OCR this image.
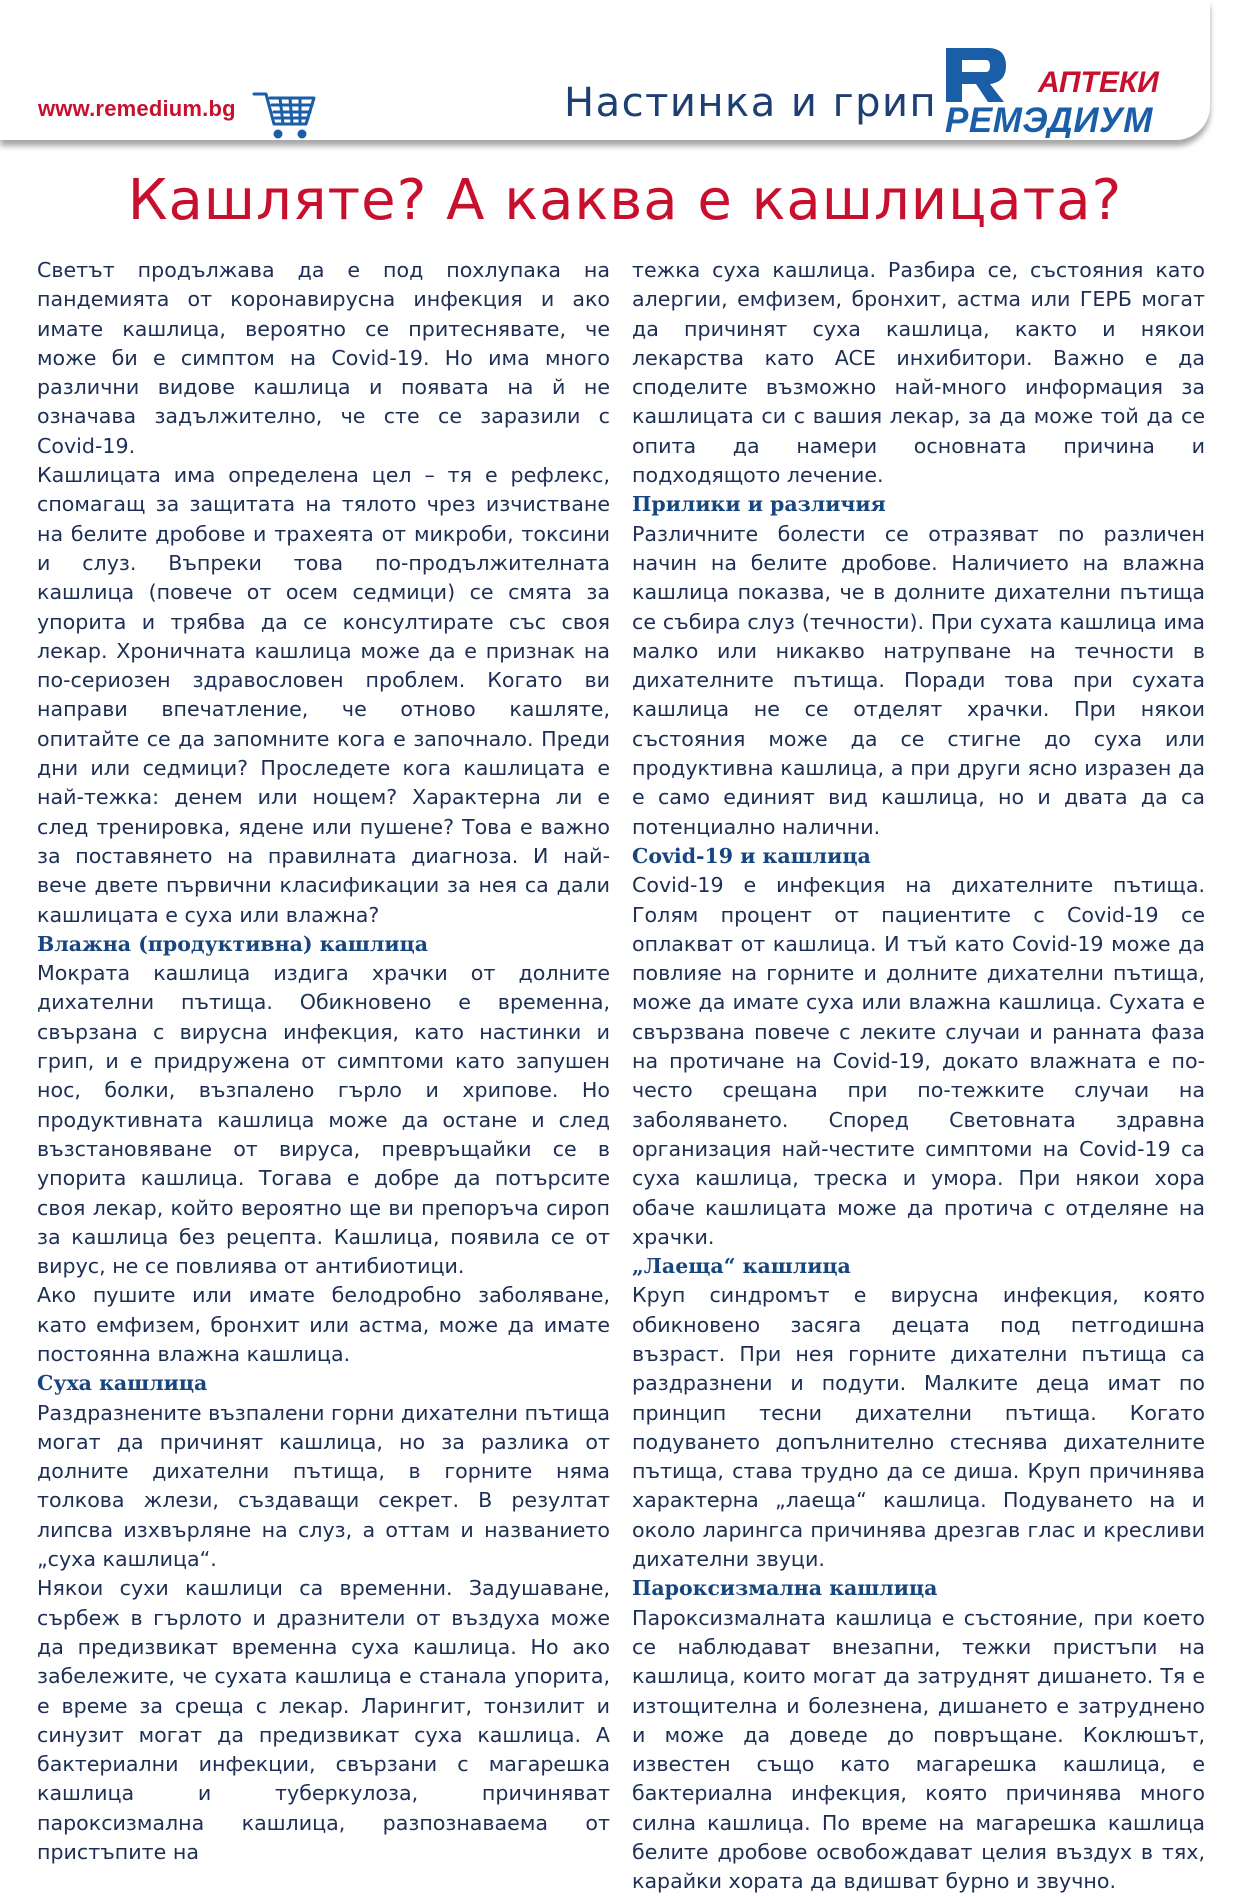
www.remedium.bg	Настинка и грип	АПТЕКИ
РЕМЭДИУМ
Кашляте? А каква е кашлицата?

Светът продължава да е под похлупака на пандемията от коронавирусна инфекция и ако имате кашлица, вероятно се притеснявате, че може би е симптом на Covid-19. Но има много различни видове кашлица и появата на й не означава задължително, че сте се заразили с Covid-19.

Кашлицата има определена цел – тя е рефлекс, спомагащ за защитата на тялото чрез изчистване на белите дробове и трахеята от микроби, токсини и слуз. Въпреки това по-продължителната кашлица (повече от осем седмици) се смята за упорита и трябва да се консултирате със своя лекар. Хроничната кашлица може да е признак на по-сериозен здравословен проблем. Когато ви направи впечатление, че отново кашляте, опитайте се да запомните кога е започнало. Преди дни или седмици? Проследете кога кашлицата е най-тежка: денем или нощем? Характерна ли е след тренировка, ядене или пушене? Това е важно за поставянето на правилната диагноза. И най-вече двете първични класификации за нея са дали кашлицата е суха или влажна?

Влажна (продуктивна) кашлица

Мократа кашлица издига храчки от долните дихателни пътища. Обикновено е временна, свързана с вирусна инфекция, като настинки и грип, и е придружена от симптоми като запушен нос, болки, възпалено гърло и хрипове. Но продуктивната кашлица може да остане и след възстановяване от вируса, превръщайки се в упорита кашлица. Тогава е добре да потърсите своя лекар, който вероятно ще ви препоръча сироп за кашлица без рецепта. Кашлица, появила се от вирус, не се повлиява от антибиотици.

Ако пушите или имате белодробно заболяване, като емфизем, бронхит или астма, може да имате постоянна влажна кашлица.

Суха кашлица

Раздразнените възпалени горни дихателни пътища могат да причинят кашлица, но за разлика от долните дихателни пътища, в горните няма толкова жлези, създаващи секрет. В резултат липсва изхвърляне на слуз, а оттам и названието „суха кашлица“.

Някои сухи кашлици са временни. Задушаване, сърбеж в гърлото и дразнители от въздуха може да предизвикат временна суха кашлица. Но ако забележите, че сухата кашлица е станала упорита, е време за среща с лекар. Ларингит, тонзилит и синузит могат да предизвикат суха кашлица. А бактериални инфекции, свързани с магарешка кашлица и туберкулоза, причиняват пароксизмална кашлица, разпознаваема от пристъпите на

тежка суха кашлица. Разбира се, състояния като алергии, емфизем, бронхит, астма или ГЕРБ могат да причинят суха кашлица, както и някои лекарства като ACE инхибитори. Важно е да споделите възможно най-много информация за кашлицата си с вашия лекар, за да може той да се опита да намери основната причина и подходящото лечение.

Прилики и различия

Различните болести се отразяват по различен начин на белите дробове. Наличието на влажна кашлица показва, че в долните дихателни пътища се събира слуз (течности). При сухата кашлица има малко или никакво натрупване на течности в дихателните пътища. Поради това при сухата кашлица не се отделят храчки. При някои състояния може да се стигне до суха или продуктивна кашлица, а при други ясно изразен да е само единият вид кашлица, но и двата да са потенциално налични.

Covid-19 и кашлица

Covid-19 е инфекция на дихателните пътища. Голям процент от пациентите с Covid-19 се оплакват от кашлица. И тъй като Covid-19 може да повлияе на горните и долните дихателни пътища, може да имате суха или влажна кашлица. Сухата е свързвана повече с леките случаи и ранната фаза на протичане на Covid-19, докато влажната е по-често срещана при по-тежките случаи на заболяването. Според Световната здравна организация най-честите симптоми на Covid-19 са суха кашлица, треска и умора. При някои хора обаче кашлицата може да протича с отделяне на храчки.

„Лаеща“ кашлица

Круп синдромът е вирусна инфекция, която обикновено засяга децата под петгодишна възраст. При нея горните дихателни пътища са раздразнени и подути. Малките деца имат по принцип тесни дихателни пътища. Когато подуването допълнително стеснява дихателните пътища, става трудно да се диша. Круп причинява характерна „лаеща“ кашлица. Подуването на и около ларингса причинява дрезгав глас и кресливи дихателни звуци.

Пароксизмална кашлица

Пароксизмалната кашлица е състояние, при което се наблюдават внезапни, тежки пристъпи на кашлица, които могат да затруднят дишането. Тя е изтощителна и болезнена, дишането е затруднено и може да доведе до повръщане. Коклюшът, известен също като магарешка кашлица, е бактериална инфекция, която причинява много силна кашлица. По време на магарешка кашлица белите дробове освобождават целия въздух в тях, карайки хората да вдишват бурно и звучно.
